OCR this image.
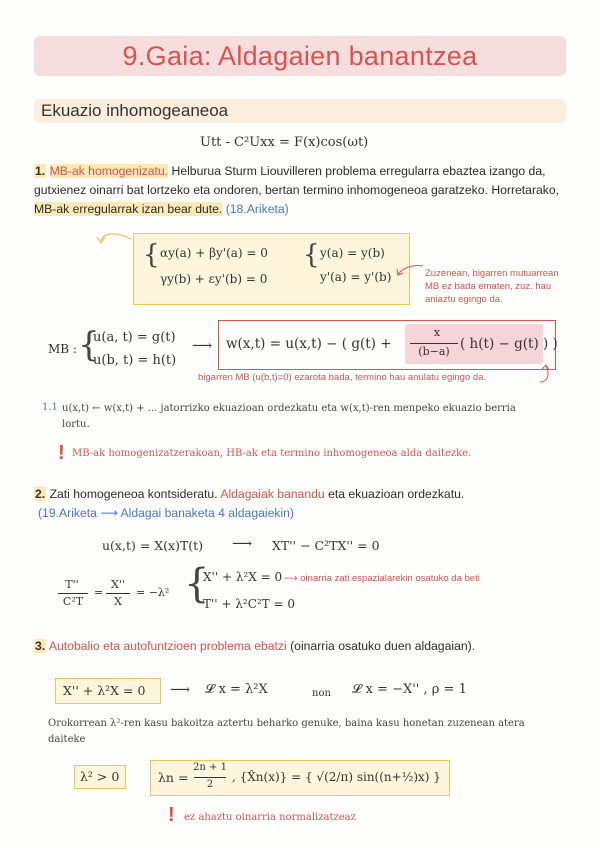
9.Gaia: Aldagaien banantzea
Ekuazio inhomogeaneoa
Utt - C²Uxx = F(x)cos(ωt)
1. MB-ak homogenizatu. Helburua Sturm Liouvilleren problema erregularra ebaztea izango da, gutxienez oinarri bat lortzeko eta ondoren, bertan termino inhomogeneoa garatzeko. Horretarako, MB-ak erregularrak izan bear dute. (18.Ariketa)
{ αy(a) + βy'(a) = 0
γy(b) + εy'(b) = 0
{ y(a) = y(b)
y'(a) = y'(b)	Zuzenean, bigarren mutuarrean MB ez bada ematen, zuz. hau aniaztu egingo da.
MB : {
u(a, t) = g(t)
u(b, t) = h(t)
⟶ w(x,t) = u(x,t) − ( g(t) +
x
(b−a) ( h(t) − g(t) ) )
bigarren MB (u(b,t)=0) ezarota bada, termino hau anulatu egingo da.
1.1 u(x,t) ← w(x,t) + ... jatorrizko ekuazioan ordezkatu eta w(x,t)-ren menpeko ekuazio berria lortu.
! MB-ak homogenizatzerakoan, HB-ak eta termino inhomogeneoa alda daitezke.
2. Zati homogeneoa kontsideratu. Aldagaiak banandu eta ekuazioan ordezkatu.
(19.Ariketa ⟶ Aldagai banaketa 4 aldagaiekin)
u(x,t) = X(x)T(t) ⟶ XT'' − C²TX'' = 0
T''
C²T
=
X''
X
= −λ² {
X'' + λ²X = 0 ⟶ oinarria zati espazialarekin osatuko da beti
T'' + λ²C²T = 0
3. Autobalio eta autofuntzioen problema ebatzi (oinarria osatuko duen aldagaian).
X'' + λ²X = 0 ⟶ 𝓛 x = λ²X	non 𝓛 x = −X'' , ρ = 1
Orokorrean λ²-ren kasu bakoitza aztertu beharko genuke, baina kasu honetan zuzenean atera daiteke
λ² > 0	λn =
2n + 1
2
, {X̂n(x)} = { √(2/π) sin((n+½)x) }
! ez ahaztu oinarria normalizatzeaz
